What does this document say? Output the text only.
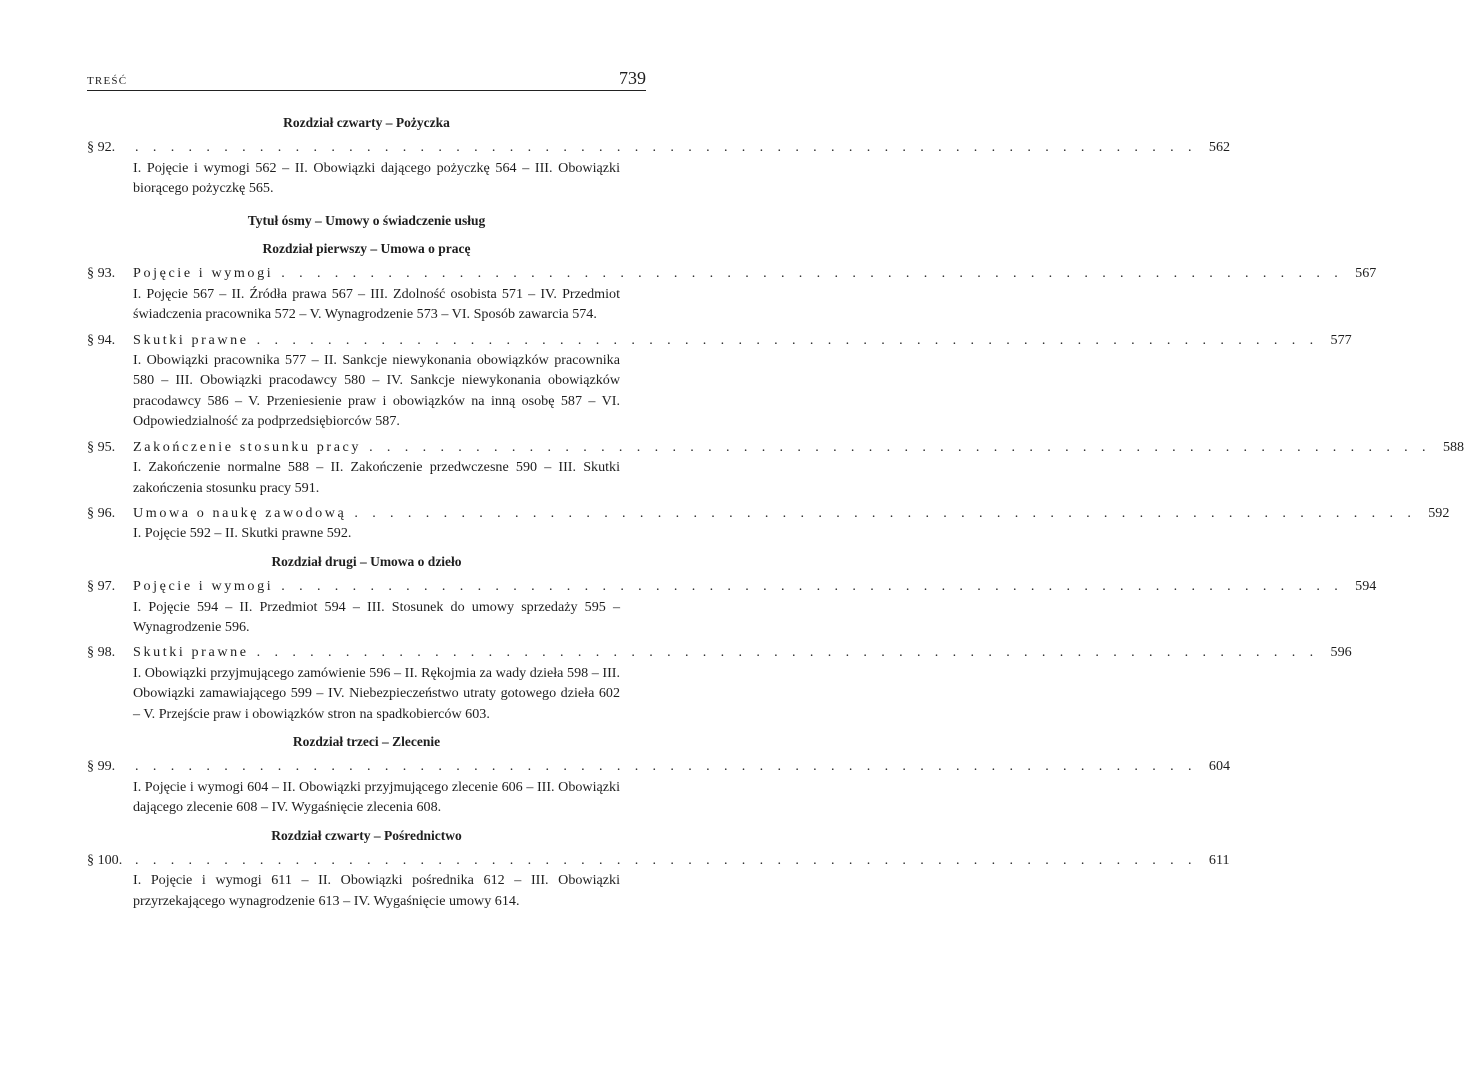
TREŚĆ	739
Rozdział czwarty – Pożyczka
§ 92.	. . . . . . . . . . . . . . . . . . . . . . . . . . . . . . . . . . . . . . . . . . . . . . . . . . . . . . . . . . . . 562
I. Pojęcie i wymogi 562 – II. Obowiązki dającego pożyczkę 564 – III. Obowiązki biorącego pożyczkę 565.
Tytuł ósmy – Umowy o świadczenie usług
Rozdział pierwszy – Umowa o pracę
§ 93.	Pojęcie i wymogi . . . . . . . . . . . . . . . . . . . . . . . . . . . . . . . . . . . . . . . . . . . . . . . . . . . . . . . . . . . . 567
I. Pojęcie 567 – II. Źródła prawa 567 – III. Zdolność osobista 571 – IV. Przedmiot świadczenia pracownika 572 – V. Wynagrodzenie 573 – VI. Sposób zawarcia 574.
§ 94.	Skutki prawne . . . . . . . . . . . . . . . . . . . . . . . . . . . . . . . . . . . . . . . . . . . . . . . . . . . . . . . . . . . . 577
I. Obowiązki pracownika 577 – II. Sankcje niewykonania obowiązków pracownika 580 – III. Obowiązki pracodawcy 580 – IV. Sankcje niewykonania obowiązków pracodawcy 586 – V. Przeniesienie praw i obowiązków na inną osobę 587 – VI. Odpowiedzialność za podprzedsiębiorców 587.
§ 95.	Zakończenie stosunku pracy . . . . . . . . . . . . . . . . . . . . . . . . . . . . . . . . . . . . . . . . . . . . . . . . . . . . . . . . . . . . 588
I. Zakończenie normalne 588 – II. Zakończenie przedwczesne 590 – III. Skutki zakończenia stosunku pracy 591.
§ 96.	Umowa o naukę zawodową . . . . . . . . . . . . . . . . . . . . . . . . . . . . . . . . . . . . . . . . . . . . . . . . . . . . . . . . . . . . 592
I. Pojęcie 592 – II. Skutki prawne 592.
Rozdział drugi – Umowa o dzieło
§ 97.	Pojęcie i wymogi . . . . . . . . . . . . . . . . . . . . . . . . . . . . . . . . . . . . . . . . . . . . . . . . . . . . . . . . . . . . 594
I. Pojęcie 594 – II. Przedmiot 594 – III. Stosunek do umowy sprzedaży 595 – Wynagrodzenie 596.
§ 98.	Skutki prawne . . . . . . . . . . . . . . . . . . . . . . . . . . . . . . . . . . . . . . . . . . . . . . . . . . . . . . . . . . . . 596
I. Obowiązki przyjmującego zamówienie 596 – II. Rękojmia za wady dzieła 598 – III. Obowiązki zamawiającego 599 – IV. Niebezpieczeństwo utraty gotowego dzieła 602 – V. Przejście praw i obowiązków stron na spadkobierców 603.
Rozdział trzeci – Zlecenie
§ 99.	. . . . . . . . . . . . . . . . . . . . . . . . . . . . . . . . . . . . . . . . . . . . . . . . . . . . . . . . . . . . 604
I. Pojęcie i wymogi 604 – II. Obowiązki przyjmującego zlecenie 606 – III. Obowiązki dającego zlecenie 608 – IV. Wygaśnięcie zlecenia 608.
Rozdział czwarty – Pośrednictwo
§ 100. . . . . . . . . . . . . . . . . . . . . . . . . . . . . . . . . . . . . . . . . . . . . . . . . . . . . . . . . . . . . 611
I. Pojęcie i wymogi 611 – II. Obowiązki pośrednika 612 – III. Obowiązki przyrzekającego wynagrodzenie 613 – IV. Wygaśnięcie umowy 614.
